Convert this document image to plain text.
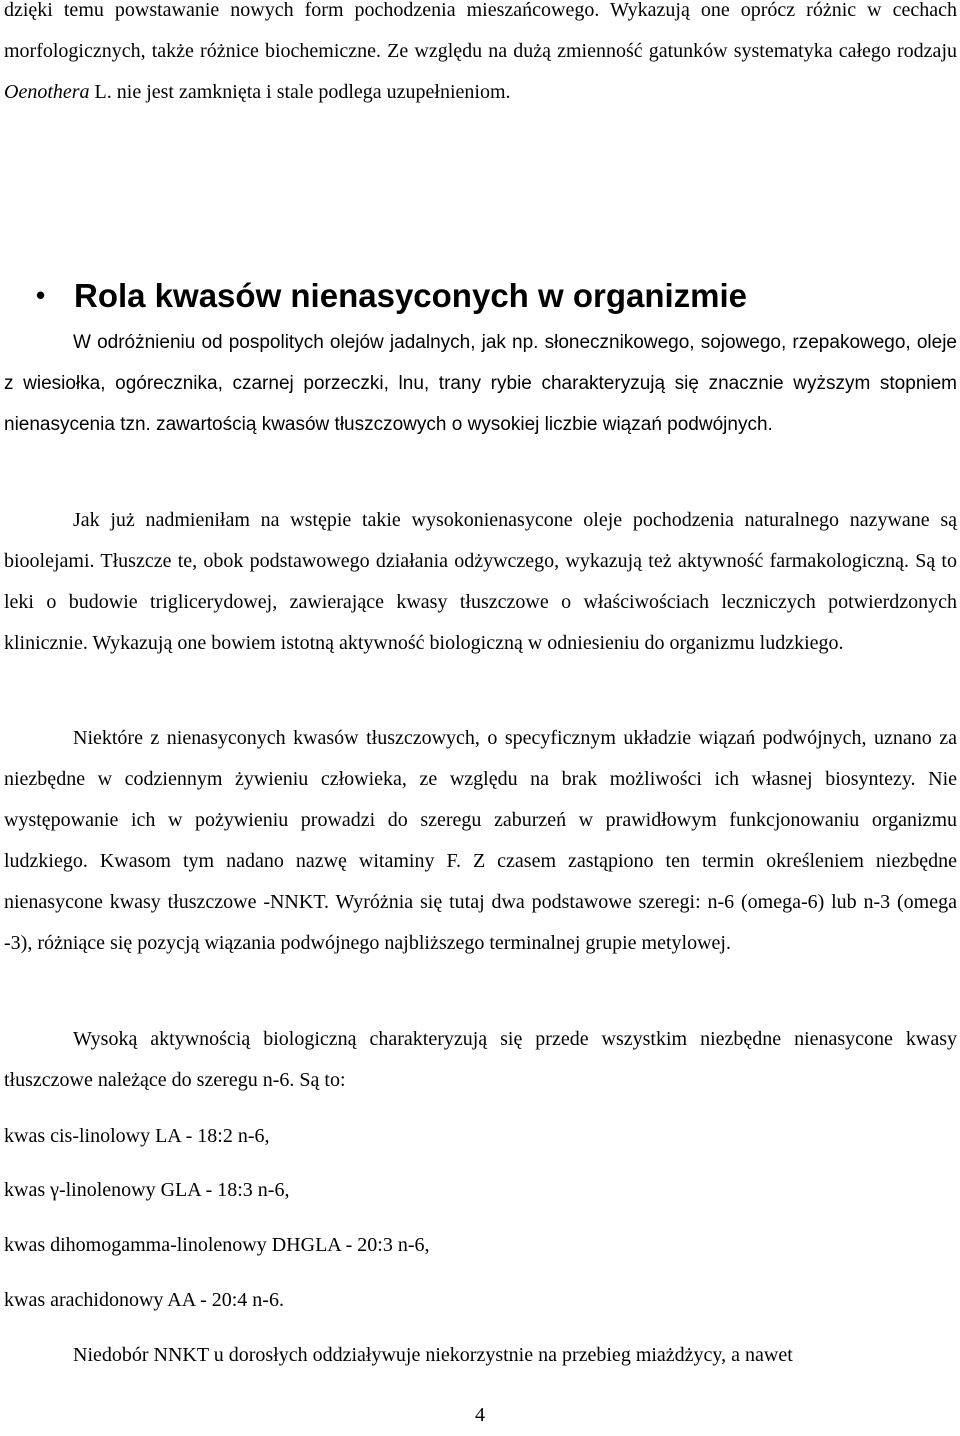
dzięki temu powstawanie nowych form pochodzenia mieszańcowego. Wykazują one oprócz różnic w cechach morfologicznych, także różnice biochemiczne. Ze względu na dużą zmienność gatunków systematyka całego rodzaju Oenothera L. nie jest zamknięta i stale podlega uzupełnieniom.

• Rola kwasów nienasyconych w organizmie

W odróżnieniu od pospolitych olejów jadalnych, jak np. słonecznikowego, sojowego, rzepakowego, oleje z wiesiołka, ogórecznika, czarnej porzeczki, lnu, trany rybie charakteryzują się znacznie wyższym stopniem nienasycenia tzn. zawartością kwasów tłuszczowych o wysokiej liczbie wiązań podwójnych.

Jak już nadmieniłam na wstępie takie wysokonienasycone oleje pochodzenia naturalnego nazywane są bioolejami. Tłuszcze te, obok podstawowego działania odżywczego, wykazują też aktywność farmakologiczną. Są to leki o budowie triglicerydowej, zawierające kwasy tłuszczowe o właściwościach leczniczych potwierdzonych klinicznie. Wykazują one bowiem istotną aktywność biologiczną w odniesieniu do organizmu ludzkiego.

Niektóre z nienasyconych kwasów tłuszczowych, o specyficznym układzie wiązań podwójnych, uznano za niezbędne w codziennym żywieniu człowieka, ze względu na brak możliwości ich własnej biosyntezy. Nie występowanie ich w pożywieniu prowadzi do szeregu zaburzeń w prawidłowym funkcjonowaniu organizmu ludzkiego. Kwasom tym nadano nazwę witaminy F. Z czasem zastąpiono ten termin określeniem niezbędne nienasycone kwasy tłuszczowe -NNKT. Wyróżnia się tutaj dwa podstawowe szeregi: n-6 (omega-6) lub n-3 (omega -3), różniące się pozycją wiązania podwójnego najbliższego terminalnej grupie metylowej.

Wysoką aktywnością biologiczną charakteryzują się przede wszystkim niezbędne nienasycone kwasy tłuszczowe należące do szeregu n-6. Są to:

kwas cis-linolowy LA - 18:2 n-6,

kwas γ-linolenowy GLA - 18:3 n-6,

kwas dihomogamma-linolenowy DHGLA - 20:3 n-6,

kwas arachidonowy AA - 20:4 n-6.

Niedobór NNKT u dorosłych oddziaływuje niekorzystnie na przebieg miażdżycy, a nawet

4
